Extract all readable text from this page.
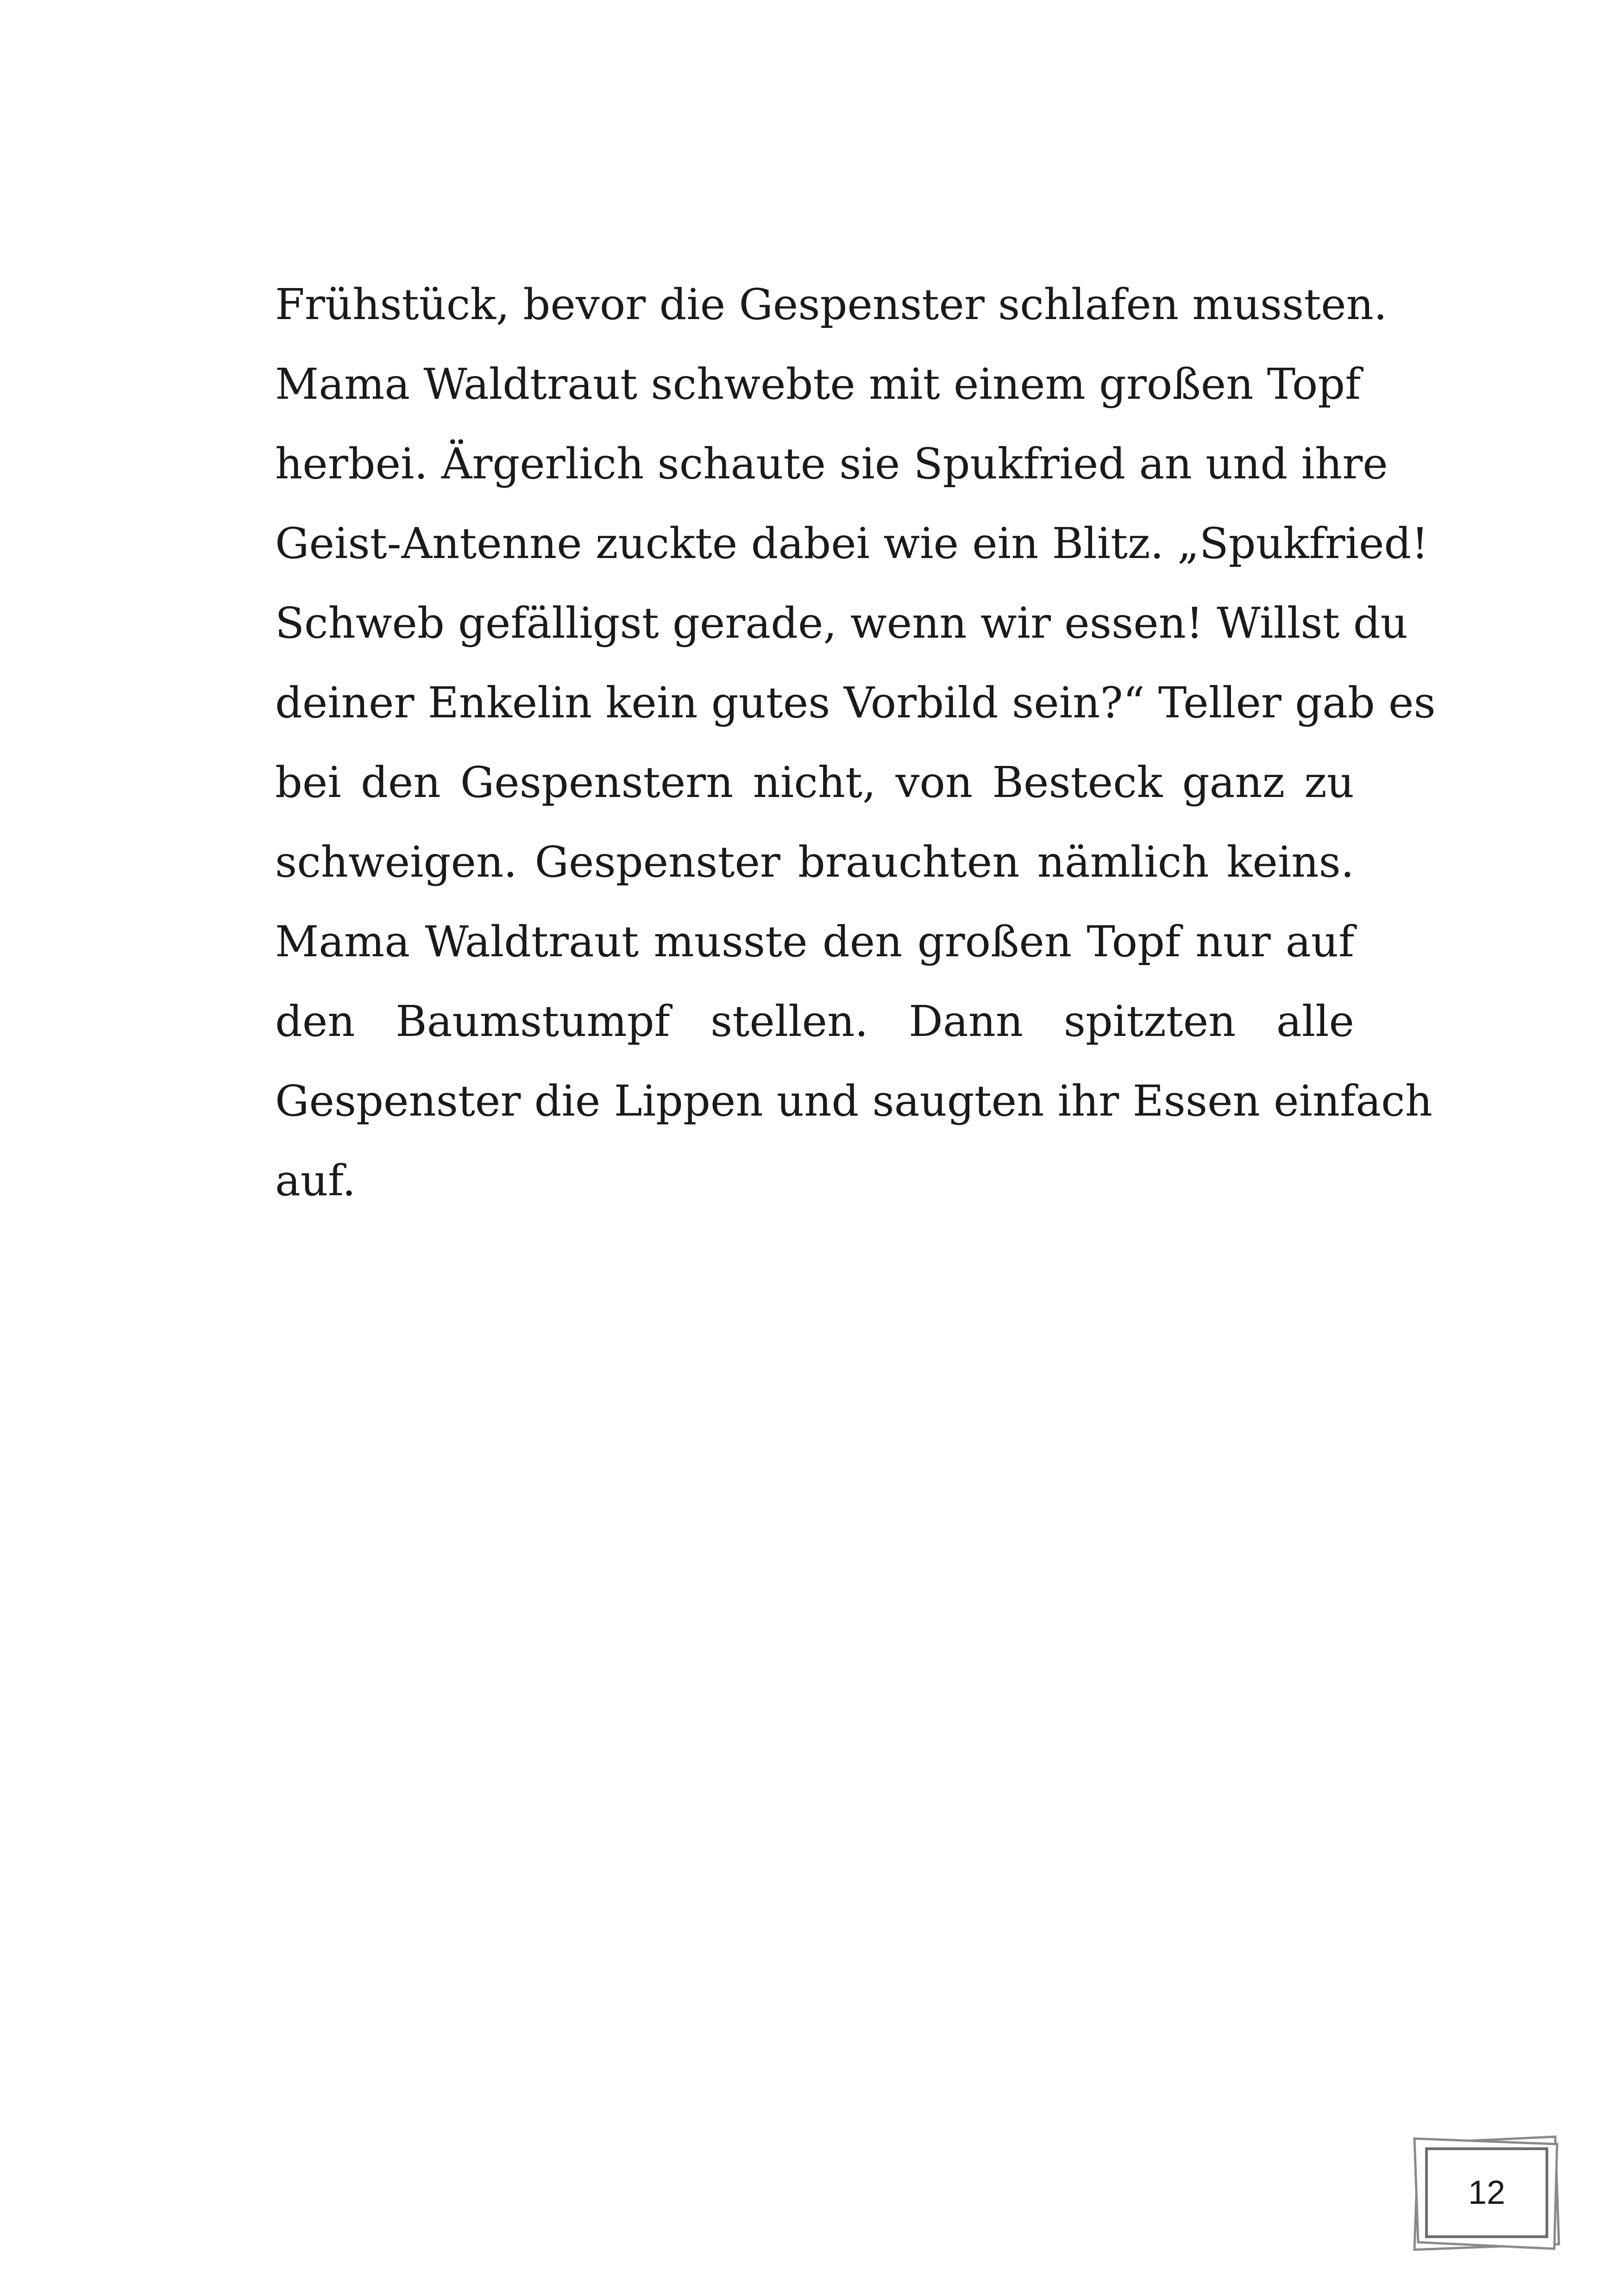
Frühstück, bevor die Gespenster schlafen mussten.
Mama Waldtraut schwebte mit einem großen Topf
herbei. Ärgerlich schaute sie Spukfried an und ihre
Geist-Antenne zuckte dabei wie ein Blitz. „Spukfried!
Schweb gefälligst gerade, wenn wir essen! Willst du
deiner Enkelin kein gutes Vorbild sein?“ Teller gab es
bei den Gespenstern nicht, von Besteck ganz zu
schweigen. Gespenster brauchten nämlich keins.
Mama Waldtraut musste den großen Topf nur auf
den Baumstumpf stellen. Dann spitzten alle
Gespenster die Lippen und saugten ihr Essen einfach
auf.
12
